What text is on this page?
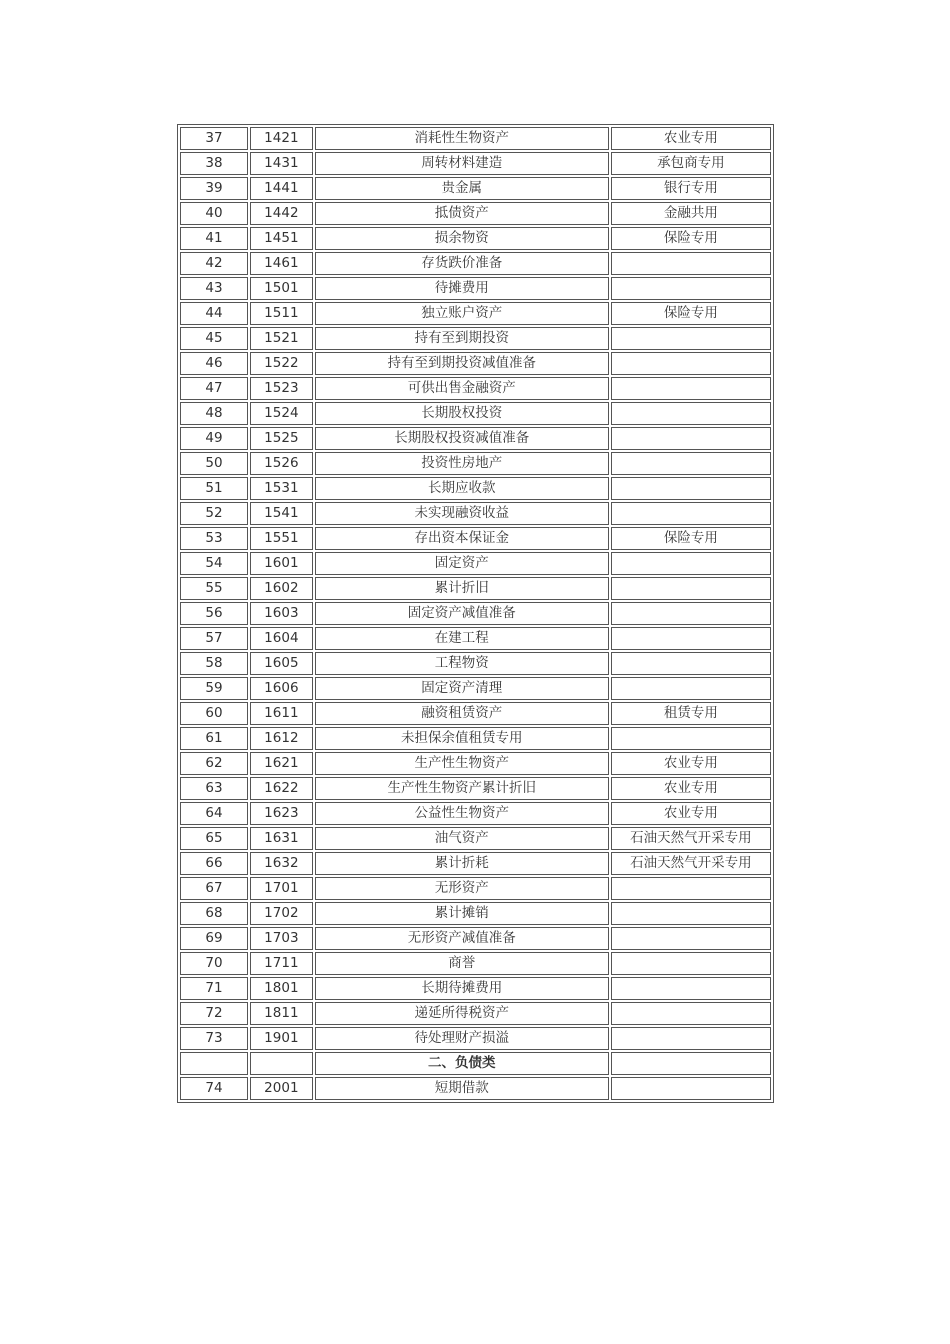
37	1421	消耗性生物资产	农业专用
38	1431	周转材料建造	承包商专用
39	1441	贵金属	银行专用
40	1442	抵债资产	金融共用
41	1451	损余物资	保险专用
42	1461	存货跌价准备	
43	1501	待摊费用	
44	1511	独立账户资产	保险专用
45	1521	持有至到期投资	
46	1522	持有至到期投资减值准备	
47	1523	可供出售金融资产	
48	1524	长期股权投资	
49	1525	长期股权投资减值准备	
50	1526	投资性房地产	
51	1531	长期应收款	
52	1541	未实现融资收益	
53	1551	存出资本保证金	保险专用
54	1601	固定资产	
55	1602	累计折旧	
56	1603	固定资产减值准备	
57	1604	在建工程	
58	1605	工程物资	
59	1606	固定资产清理	
60	1611	融资租赁资产	租赁专用
61	1612	未担保余值租赁专用	
62	1621	生产性生物资产	农业专用
63	1622	生产性生物资产累计折旧	农业专用
64	1623	公益性生物资产	农业专用
65	1631	油气资产	石油天然气开采专用
66	1632	累计折耗	石油天然气开采专用
67	1701	无形资产	
68	1702	累计摊销	
69	1703	无形资产减值准备	
70	1711	商誉	
71	1801	长期待摊费用	
72	1811	递延所得税资产	
73	1901	待处理财产损溢	
		二、负债类	
74	2001	短期借款	
